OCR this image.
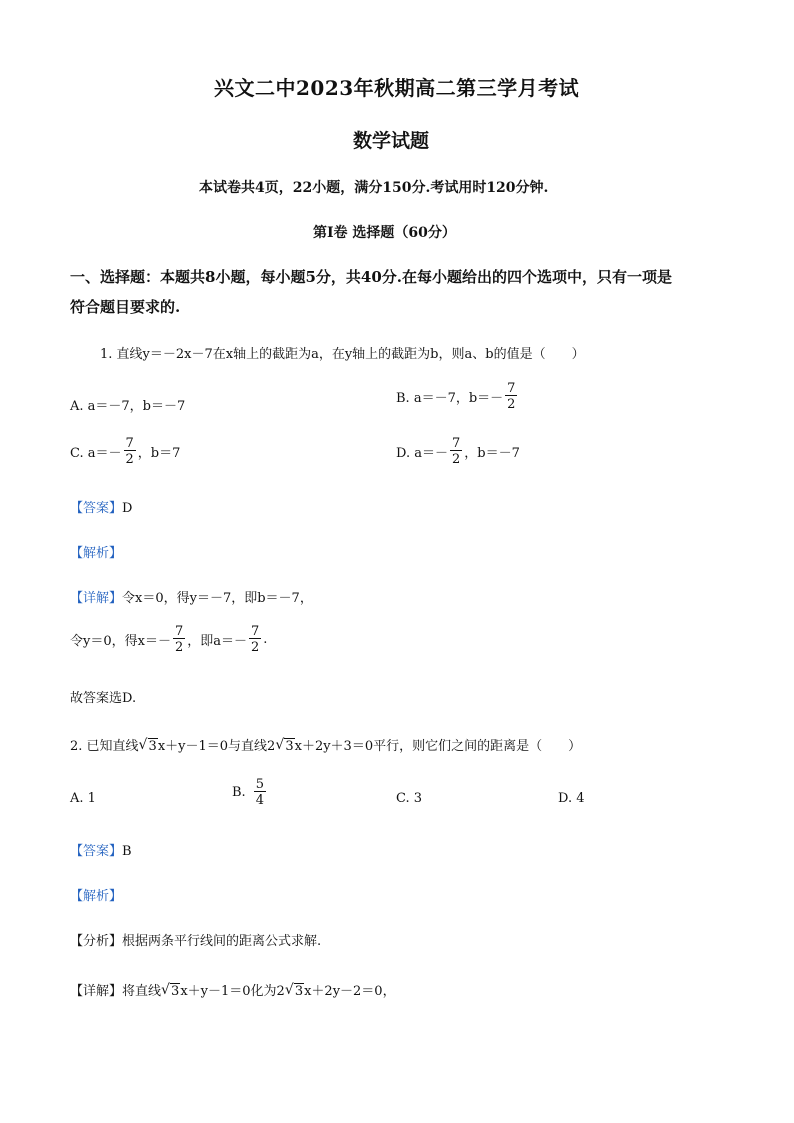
兴文二中2023年秋期高二第三学月考试
数学试题
本试卷共4页，22小题，满分150分.考试用时120分钟.
第I卷 选择题（60分）
一、选择题：本题共8小题，每小题5分，共40分.在每小题给出的四个选项中，只有一项是
符合题目要求的.
1. 直线y＝－2x－7在x轴上的截距为a，在y轴上的截距为b，则a、b的值是（　　）
A. a＝－7，b＝－7
B. a＝－7，$b=- \frac{7}{2}$
C. $a=- \frac{7}{2}$ ，b＝7	D. $a=- \frac{7}{2}$ ，b＝－7
【答案】D
【解析】
【详解】令x＝0，得y＝－7，即b＝－7，
令y＝0，得$x=- \frac{7}{2}$ ，即$a=- \frac{7}{2}$ .
故答案选D.
2. 已知直线 √ 3x＋y－1＝0与直线2 √ 3x＋2y＋3＝0平行，则它们之间的距离是（　　）
A. 1	B. $\frac{5}{4}$	C. 3	D. 4
【答案】B
【解析】
【分析】根据两条平行线间的距离公式求解.
【详解】将直线 √ 3x＋y－1＝0化为2 √ 3x＋2y－2＝0，
